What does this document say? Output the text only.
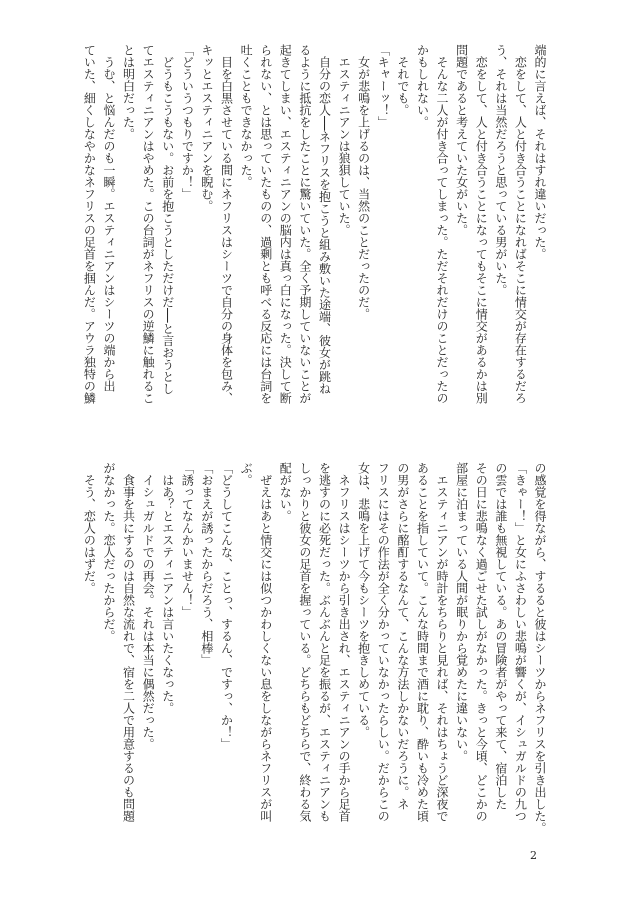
端的に言えば、それはすれ違いだった。
　恋をして、人と付き合うことになればそこに情交が存在するだろ
う、それは当然だろうと思っている男がいた。
　恋をして、人と付き合うことになってもそこに情交があるかは別
問題であると考えていた女がいた。
　そんな二人が付き合ってしまった。ただそれだけのことだったの
かもしれない。
　それでも。
「キャーッ！」
　女が悲鳴を上げるのは、当然のことだったのだ。
　エスティニアンは狼狽していた。
　自分の恋人──ネフリスを抱こうと組み敷いた途端、彼女が跳ね
るように抵抗をしたことに驚いていた。全く予期していないことが
起きてしまい、エスティニアンの脳内は真っ白になった。決して断
られない、とは思っていたものの、過剰とも呼べる反応には台詞を
吐くこともできなかった。
　目を白黒させている間にネフリスはシーツで自分の身体を包み、
キッとエスティニアンを睨む。
「どういうつもりですか！」
　どうもこうもない。お前を抱こうとしただけだ──と言おうとし
てエスティニアンはやめた。この台詞がネフリスの逆鱗に触れるこ
とは明白だった。
　うむ、と悩んだのも一瞬。エスティニアンはシーツの端から出
ていた、細くしなやかなネフリスの足首を掴んだ。アウラ独特の鱗
の感覚を得ながら、するると彼はシーツからネフリスを引き出した。
「きゃー！」と女にふさわしい悲鳴が響くが、イシュガルドの九つ
の雲では誰も無視している。あの冒険者がやって来て、宿泊した
その日に悲鳴なく過ごせた試しがなかった。きっと今頃、どこかの
部屋に泊まっている人間が眠りから覚めたに違いない。
　エスティニアンが時計をちらりと見れば、それはちょうど深夜で
あることを指していて。こんな時間まで酒に耽り、酔いも冷めた頃
の男がさらに酩酊するなんて、こんな方法しかないだろうに。ネ
フリスにはその作法が全く分かっていなかったらしい。だからこの
女は、悲鳴を上げて今もシーツを抱きしめている。
　ネフリスはシーツから引き出され、エスティニアンの手から足首
を逃すのに必死だった。ぶんぶんと足を振るが、エスティニアンも
しっかりと彼女の足首を握っている。どちらもどちらで、終わる気
配がない。
　ぜえはあと情交には似つかわしくない息をしながらネフリスが叫
ぶ。
「どうしてこんな、ことっ、するん、ですっ、か！」
「おまえが誘ったからだろう、相棒」
「誘ってなんかいません！」
　はあ？とエスティニアンは言いたくなった。
　イシュガルドでの再会。それは本当に偶然だった。
　食事を共にするのは自然な流れで、宿を二人で用意するのも問題
がなかった。恋人だったからだ。
　そう、恋人のはずだ。
2
